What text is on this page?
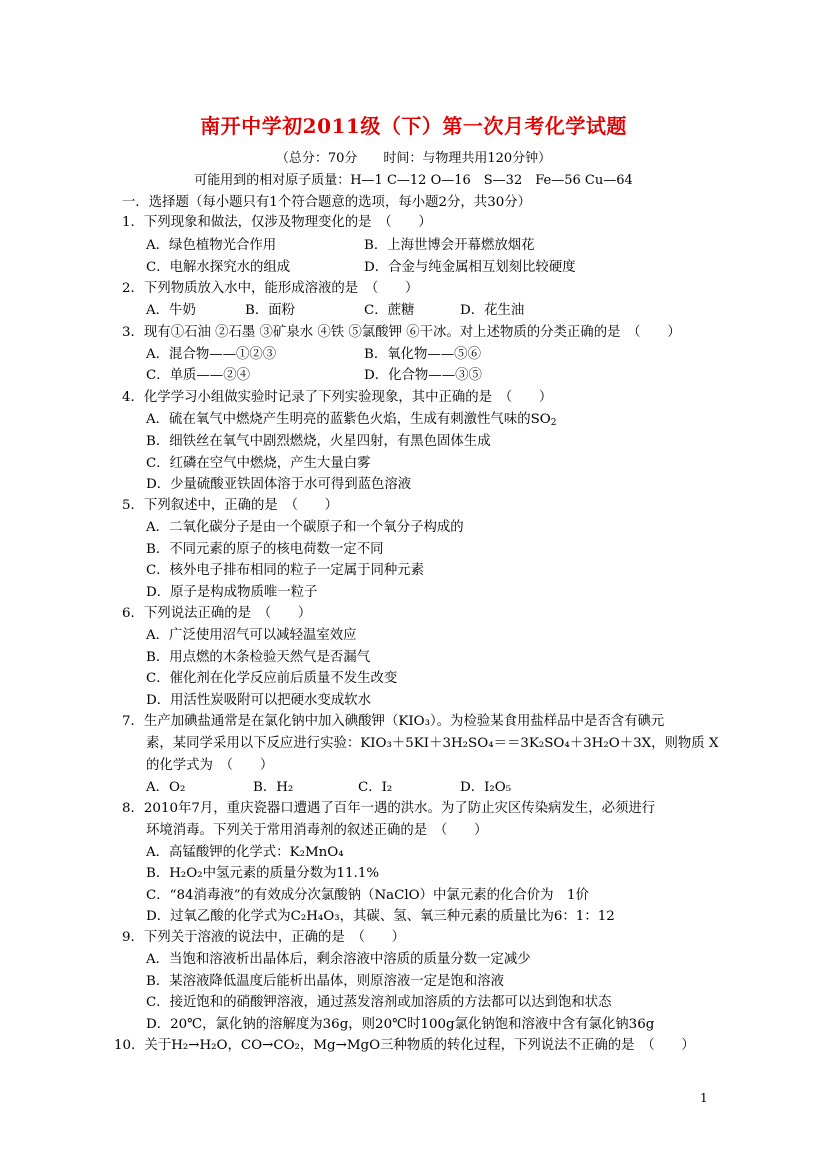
南开中学初2011级（下）第一次月考化学试题
（总分：70分　　时间：与物理共用120分钟）
可能用到的相对原子质量：H—1 C—12 O—16　S—32　Fe—56 Cu—64
一．选择题（每小题只有1个符合题意的选项，每小题2分，共30分）
1．下列现象和做法，仅涉及物理变化的是　（　　）
A．绿色植物光合作用	B．上海世博会开幕燃放烟花
C．电解水探究水的组成	D．合金与纯金属相互划刻比较硬度
2．下列物质放入水中，能形成溶液的是　（　　）
A．牛奶	B．面粉	C．蔗糖	D．花生油
3．现有①石油 ②石墨 ③矿泉水 ④铁 ⑤氯酸钾 ⑥干冰。对上述物质的分类正确的是　（　　）
A．混合物——①②③	B．氧化物——⑤⑥
C．单质——②④	D．化合物——③⑤
4．化学学习小组做实验时记录了下列实验现象，其中正确的是　（　　）
A．硫在氧气中燃烧产生明亮的蓝紫色火焰，生成有刺激性气味的$SO_2$
B．细铁丝在氧气中剧烈燃烧，火星四射，有黑色固体生成
C．红磷在空气中燃烧，产生大量白雾
D．少量硫酸亚铁固体溶于水可得到蓝色溶液
5．下列叙述中，正确的是　（　　）
A．二氧化碳分子是由一个碳原子和一个氧分子构成的
B．不同元素的原子的核电荷数一定不同
C．核外电子排布相同的粒子一定属于同种元素
D．原子是构成物质唯一粒子
6．下列说法正确的是　（　　）
A．广泛使用沼气可以减轻温室效应
B．用点燃的木条检验天然气是否漏气
C．催化剂在化学反应前后质量不发生改变
D．用活性炭吸附可以把硬水变成软水
7．生产加碘盐通常是在氯化钠中加入碘酸钾（KIO₃）。为检验某食用盐样品中是否含有碘元
素，某同学采用以下反应进行实验：KIO₃＋5KI＋3H₂SO₄＝＝3K₂SO₄＋3H₂O＋3X，则物质 X
的化学式为　（　　）
A．O₂	B．H₂	C．I₂	D．I₂O₅
8．2010年7月，重庆瓷器口遭遇了百年一遇的洪水。为了防止灾区传染病发生，必须进行
环境消毒。下列关于常用消毒剂的叙述正确的是　（　　）
A．高锰酸钾的化学式：K₂MnO₄
B．H₂O₂中氢元素的质量分数为11.1%
C．“84消毒液”的有效成分次氯酸钠（NaClO）中氯元素的化合价为　1价
D．过氧乙酸的化学式为C₂H₄O₃，其碳、氢、氧三种元素的质量比为6：1：12
9．下列关于溶液的说法中，正确的是　（　　）
A．当饱和溶液析出晶体后，剩余溶液中溶质的质量分数一定减少
B．某溶液降低温度后能析出晶体，则原溶液一定是饱和溶液
C．接近饱和的硝酸钾溶液，通过蒸发溶剂或加溶质的方法都可以达到饱和状态
D．20℃，氯化钠的溶解度为36g，则20℃时100g氯化钠饱和溶液中含有氯化钠36g
10．关于H₂→H₂O，CO→CO₂，Mg→MgO三种物质的转化过程，下列说法不正确的是　（　　）
1
